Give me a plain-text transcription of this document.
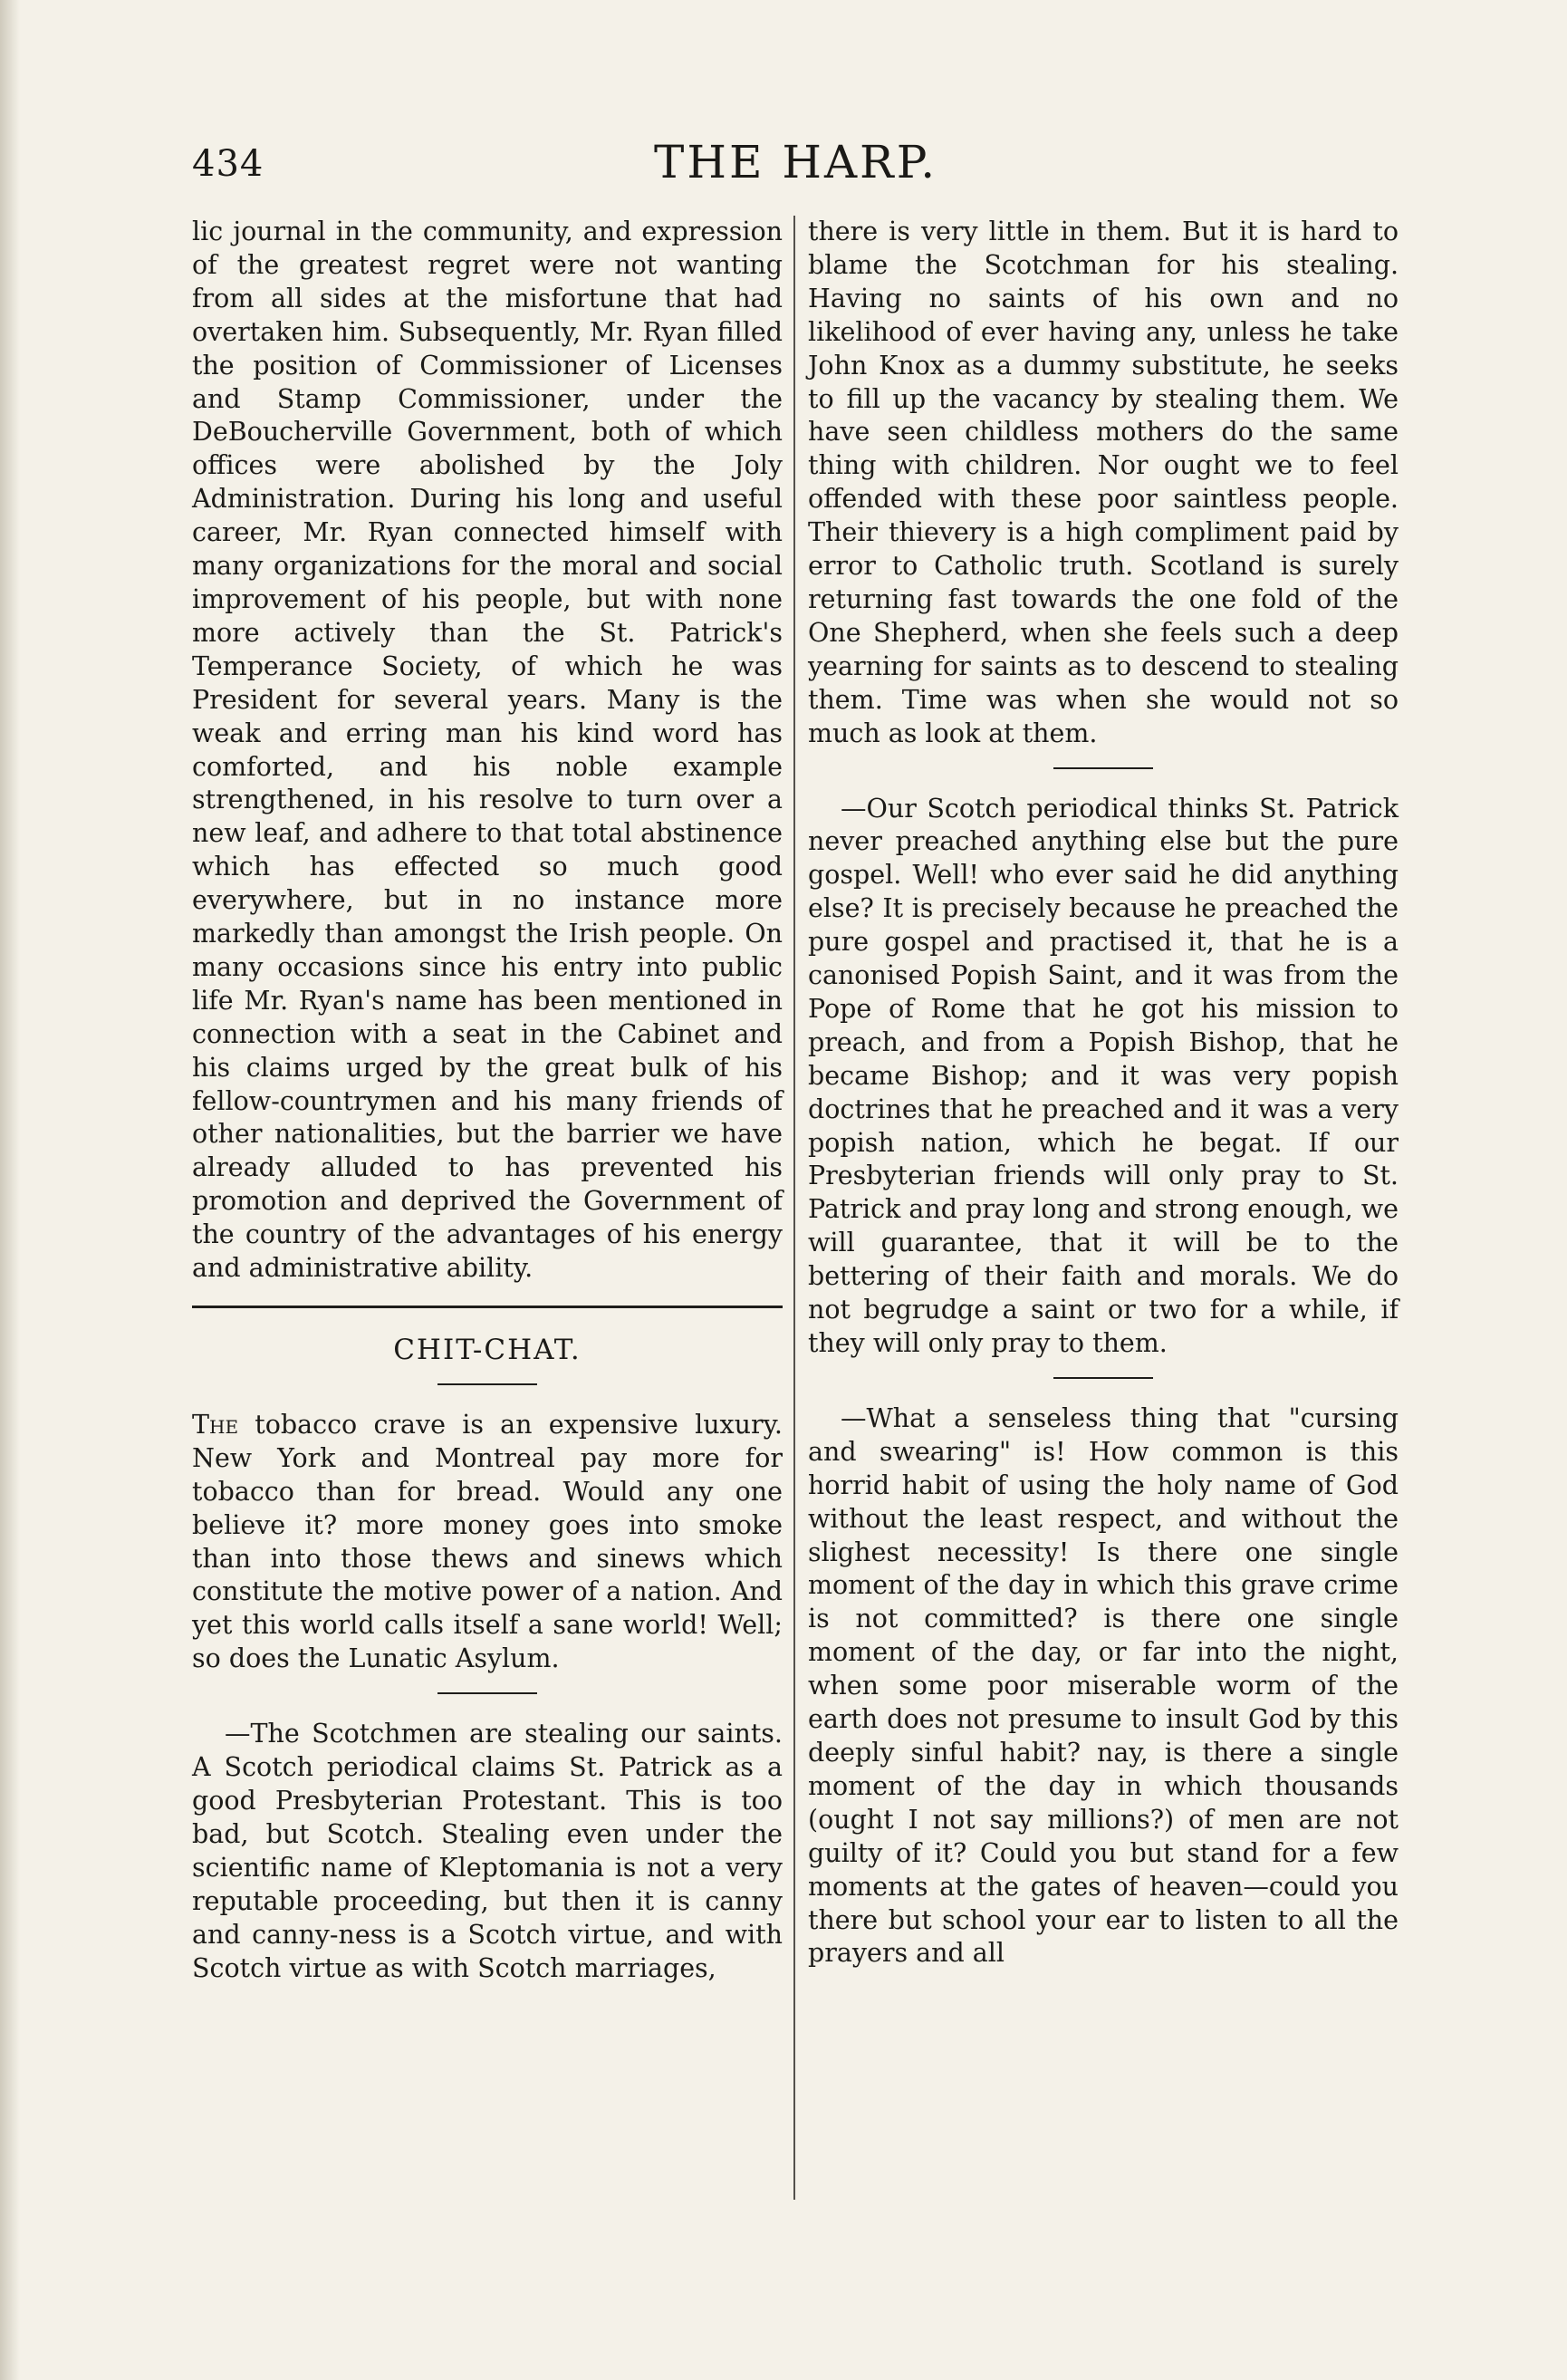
434	THE HARP.

lic journal in the community, and expression of the greatest regret were not wanting from all sides at the misfortune that had overtaken him. Subsequently, Mr. Ryan filled the position of Commissioner of Licenses and Stamp Commissioner, under the DeBoucherville Government, both of which offices were abolished by the Joly Administration. During his long and useful career, Mr. Ryan connected himself with many organizations for the moral and social improvement of his people, but with none more actively than the St. Patrick's Temperance Society, of which he was President for several years. Many is the weak and erring man his kind word has comforted, and his noble example strengthened, in his resolve to turn over a new leaf, and adhere to that total abstinence which has effected so much good everywhere, but in no instance more markedly than amongst the Irish people. On many occasions since his entry into public life Mr. Ryan's name has been mentioned in connection with a seat in the Cabinet and his claims urged by the great bulk of his fellow-countrymen and his many friends of other nationalities, but the barrier we have already alluded to has prevented his promotion and deprived the Government of the country of the advantages of his energy and administrative ability.

CHIT-CHAT.

The tobacco crave is an expensive luxury. New York and Montreal pay more for tobacco than for bread. Would any one believe it? more money goes into smoke than into those thews and sinews which constitute the motive power of a nation. And yet this world calls itself a sane world! Well; so does the Lunatic Asylum.

—The Scotchmen are stealing our saints. A Scotch periodical claims St. Patrick as a good Presbyterian Protestant. This is too bad, but Scotch. Stealing even under the scientific name of Kleptomania is not a very reputable proceeding, but then it is canny and canny-ness is a Scotch virtue, and with Scotch virtue as with Scotch marriages,

there is very little in them. But it is hard to blame the Scotchman for his stealing. Having no saints of his own and no likelihood of ever having any, unless he take John Knox as a dummy substitute, he seeks to fill up the vacancy by stealing them. We have seen childless mothers do the same thing with children. Nor ought we to feel offended with these poor saintless people. Their thievery is a high compliment paid by error to Catholic truth. Scotland is surely returning fast towards the one fold of the One Shepherd, when she feels such a deep yearning for saints as to descend to stealing them. Time was when she would not so much as look at them.

—Our Scotch periodical thinks St. Patrick never preached anything else but the pure gospel. Well! who ever said he did anything else? It is precisely because he preached the pure gospel and practised it, that he is a canonised Popish Saint, and it was from the Pope of Rome that he got his mission to preach, and from a Popish Bishop, that he became Bishop; and it was very popish doctrines that he preached and it was a very popish nation, which he begat. If our Presbyterian friends will only pray to St. Patrick and pray long and strong enough, we will guarantee, that it will be to the bettering of their faith and morals. We do not begrudge a saint or two for a while, if they will only pray to them.

—What a senseless thing that "cursing and swearing" is! How common is this horrid habit of using the holy name of God without the least respect, and without the slighest necessity! Is there one single moment of the day in which this grave crime is not committed? is there one single moment of the day, or far into the night, when some poor miserable worm of the earth does not presume to insult God by this deeply sinful habit? nay, is there a single moment of the day in which thousands (ought I not say millions?) of men are not guilty of it? Could you but stand for a few moments at the gates of heaven—could you there but school your ear to listen to all the prayers and all
